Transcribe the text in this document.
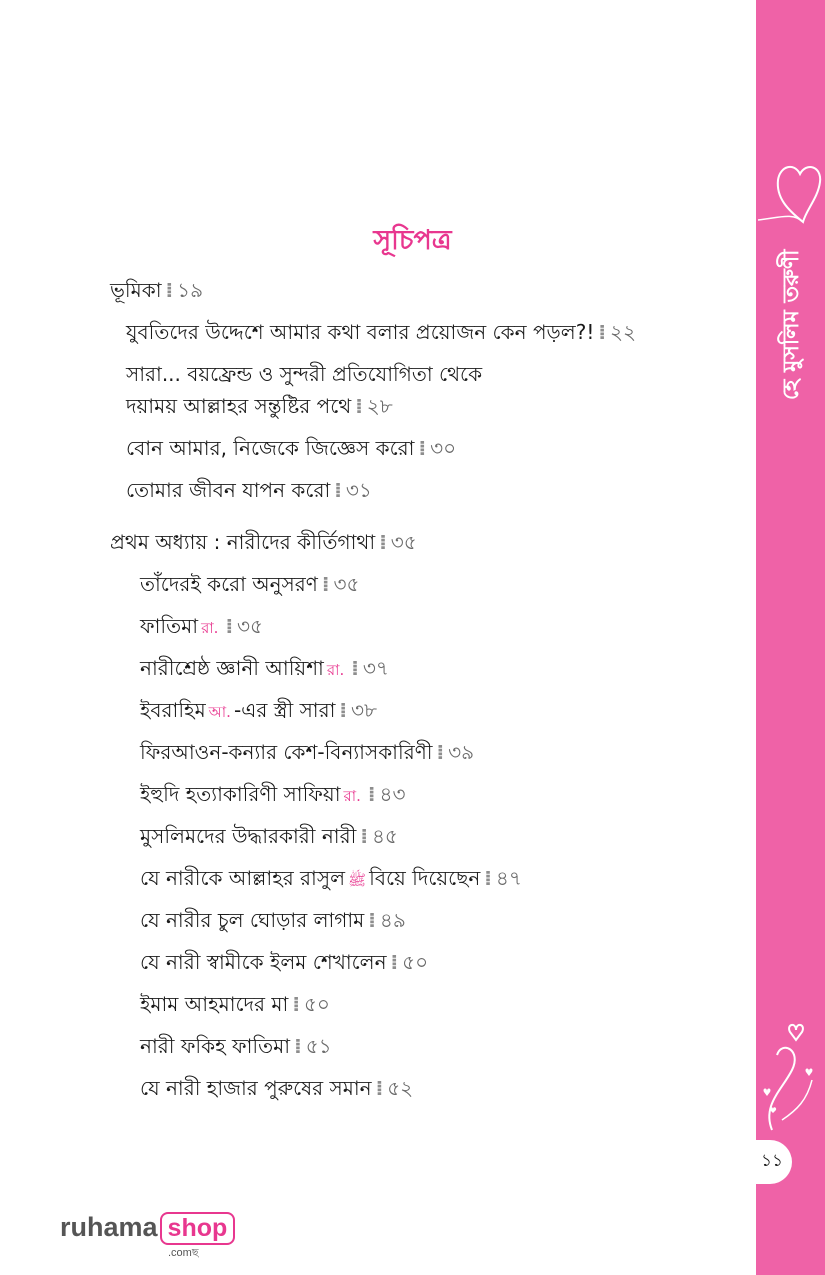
হে মুসলিম তরুণী
১১
সূচিপত্র
ভূমিকা ⁞ ১৯
যুবতিদের উদ্দেশে আমার কথা বলার প্রয়োজন কেন পড়ল?! ⁞ ২২
সারা... বয়ফ্রেন্ড ও সুন্দরী প্রতিযোগিতা থেকে
দয়াময় আল্লাহর সন্তুষ্টির পথে ⁞ ২৮
বোন আমার, নিজেকে জিজ্ঞেস করো ⁞ ৩০
তোমার জীবন যাপন করো ⁞ ৩১
প্রথম অধ্যায় : নারীদের কীর্তিগাথা ⁞ ৩৫
তাঁদেরই করো অনুসরণ ⁞ ৩৫
ফাতিমা রা. ⁞ ৩৫
নারীশ্রেষ্ঠ জ্ঞানী আয়িশা রা. ⁞ ৩৭
ইবরাহিম আ. -এর স্ত্রী সারা ⁞ ৩৮
ফিরআওন-কন্যার কেশ-বিন্যাসকারিণী ⁞ ৩৯
ইহুদি হত্যাকারিণী সাফিয়া রা. ⁞ ৪৩
মুসলিমদের উদ্ধারকারী নারী ⁞ ৪৫
যে নারীকে আল্লাহর রাসুল ﷺ বিয়ে দিয়েছেন ⁞ ৪৭
যে নারীর চুল ঘোড়ার লাগাম ⁞ ৪৯
যে নারী স্বামীকে ইলম শেখালেন ⁞ ৫০
ইমাম আহমাদের মা ⁞ ৫০
নারী ফকিহ ফাতিমা ⁞ ৫১
যে নারী হাজার পুরুষের সমান ⁞ ৫২
ruhama shop
.comছ
